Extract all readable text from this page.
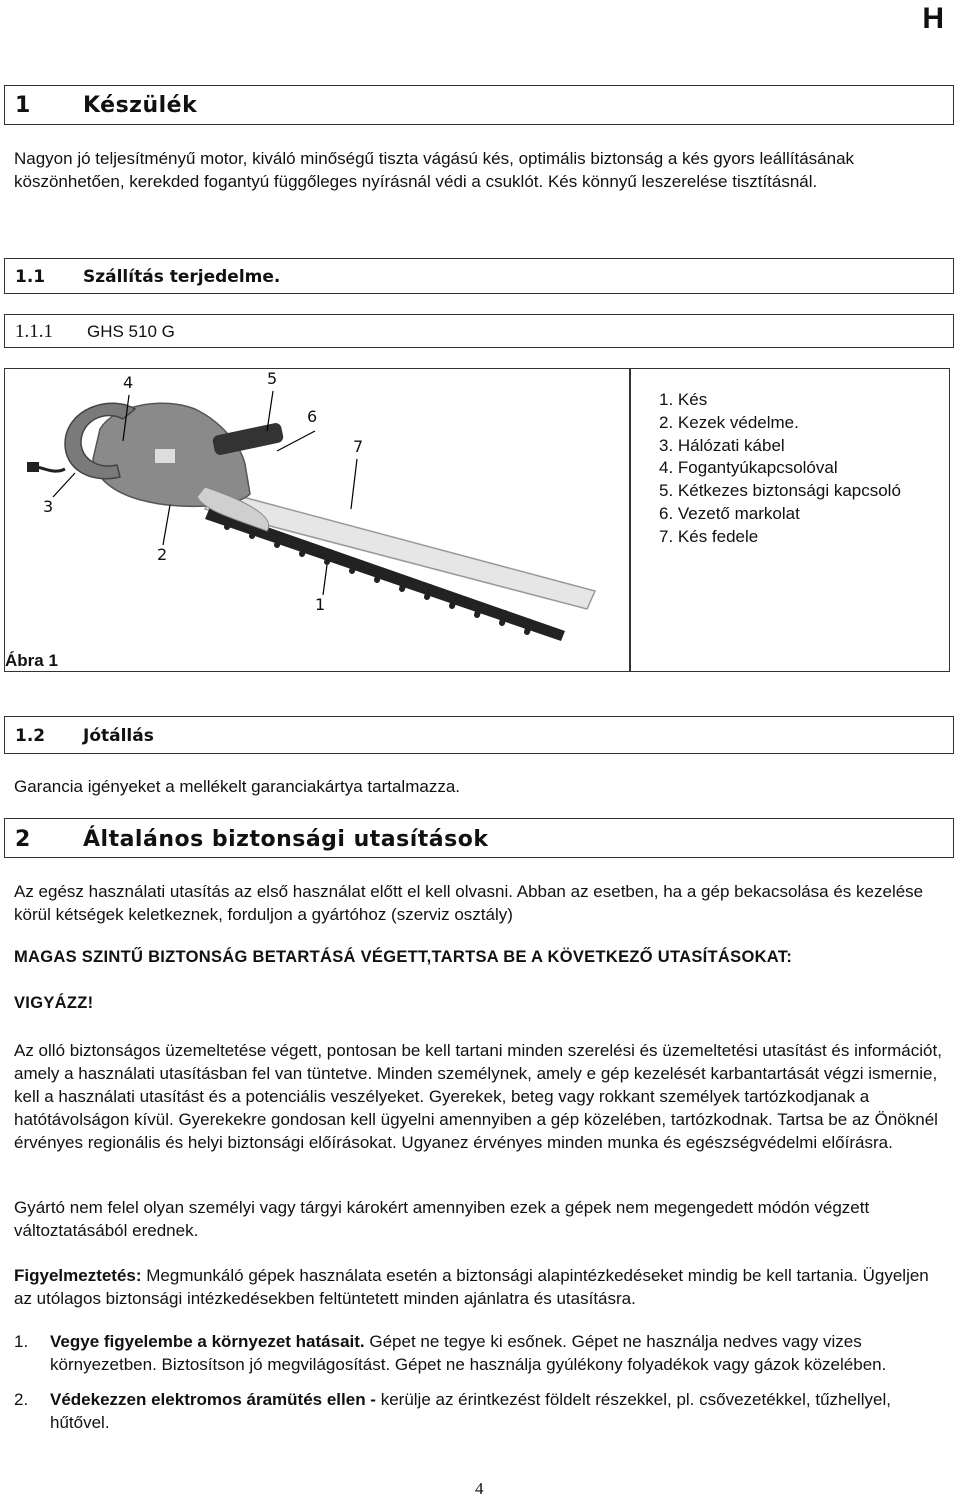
H
1 Készülék

Nagyon jó teljesítményű motor, kiváló minőségű tiszta vágású kés, optimális biztonság a kés gyors leállításának köszönhetően, kerekded fogantyú függőleges nyírásnál védi a csuklót. Kés könnyű leszerelése tisztításnál.

1.1 Szállítás terjedelme.
1.1.1 GHS 510 G
4	5
6
7
3
2
1
Ábra 1
1. Kés
2. Kezek védelme.
3. Hálózati kábel
4. Fogantyúkapcsolóval
5. Kétkezes biztonsági kapcsoló
6. Vezető markolat
7. Kés fedele
1.2 Jótállás

Garancia igényeket a mellékelt garanciakártya tartalmazza.

2 Általános biztonsági utasítások

Az egész használati utasítás az első használat előtt el kell olvasni. Abban az esetben, ha a gép bekacsolása és kezelése körül kétségek keletkeznek, forduljon a gyártóhoz (szerviz osztály)

MAGAS SZINTŰ BIZTONSÁG BETARTÁSÁ VÉGETT,TARTSA BE A KÖVETKEZŐ UTASÍTÁSOKAT:
VIGYÁZZ!

Az olló biztonságos üzemeltetése végett, pontosan be kell tartani minden szerelési és üzemeltetési utasítást és információt, amely a használati utasításban fel van tüntetve. Minden személynek, amely e gép kezelését karbantartását végzi ismernie, kell a használati utasítást és a potenciális veszélyeket. Gyerekek, beteg vagy rokkant személyek tartózkodjanak a hatótávolságon kívül. Gyerekekre gondosan kell ügyelni amennyiben a gép közelében, tartózkodnak. Tartsa be az Önöknél érvényes regionális és helyi biztonsági előírásokat. Ugyanez érvényes minden munka és egészségvédelmi előírásra.

Gyártó nem felel olyan személyi vagy tárgyi károkért amennyiben ezek a gépek nem megengedett módón végzett változtatásából erednek.

Figyelmeztetés: Megmunkáló gépek használata esetén a biztonsági alapintézkedéseket mindig be kell tartania. Ügyeljen az utólagos biztonsági intézkedésekben feltüntetett minden ajánlatra és utasításra.

1. Vegye figyelembe a környezet hatásait. Gépet ne tegye ki esőnek. Gépet ne használja nedves vagy vizes környezetben. Biztosítson jó megvilágosítást. Gépet ne használja gyúlékony folyadékok vagy gázok közelében.
2. Védekezzen elektromos áramütés ellen - kerülje az érintkezést földelt részekkel, pl. csővezetékkel, tűzhellyel, hűtővel.
4
